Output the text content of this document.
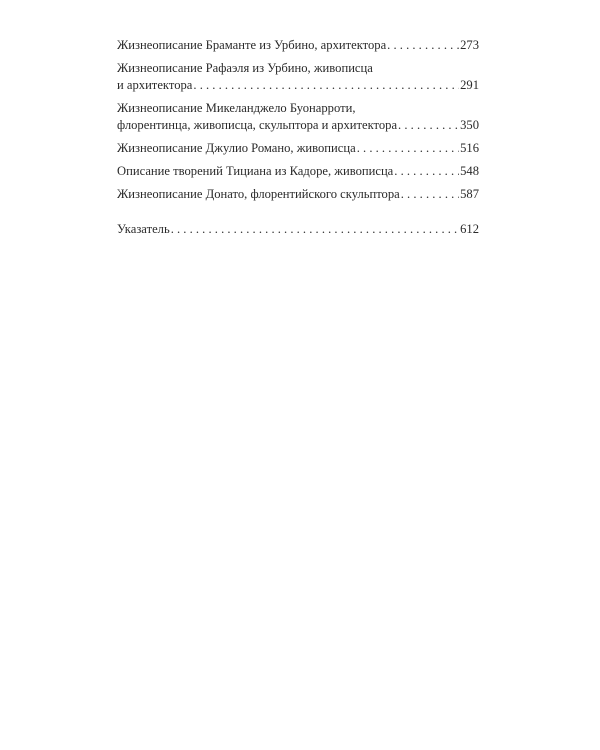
Жизнеописание Браманте из Урбино, архитектора . . .	273
Жизнеописание Рафаэля из Урбино, живописца
и архитектора . . .	291
Жизнеописание Микеланджело Буонарроти,
флорентинца, живописца, скульптора и архитектора . . .	350
Жизнеописание Джулио Романо, живописца . . .	516
Описание творений Тициана из Кадоре, живописца . . .	548
Жизнеописание Донато, флорентийского скульптора . . .	587
Указатель . . .	612
